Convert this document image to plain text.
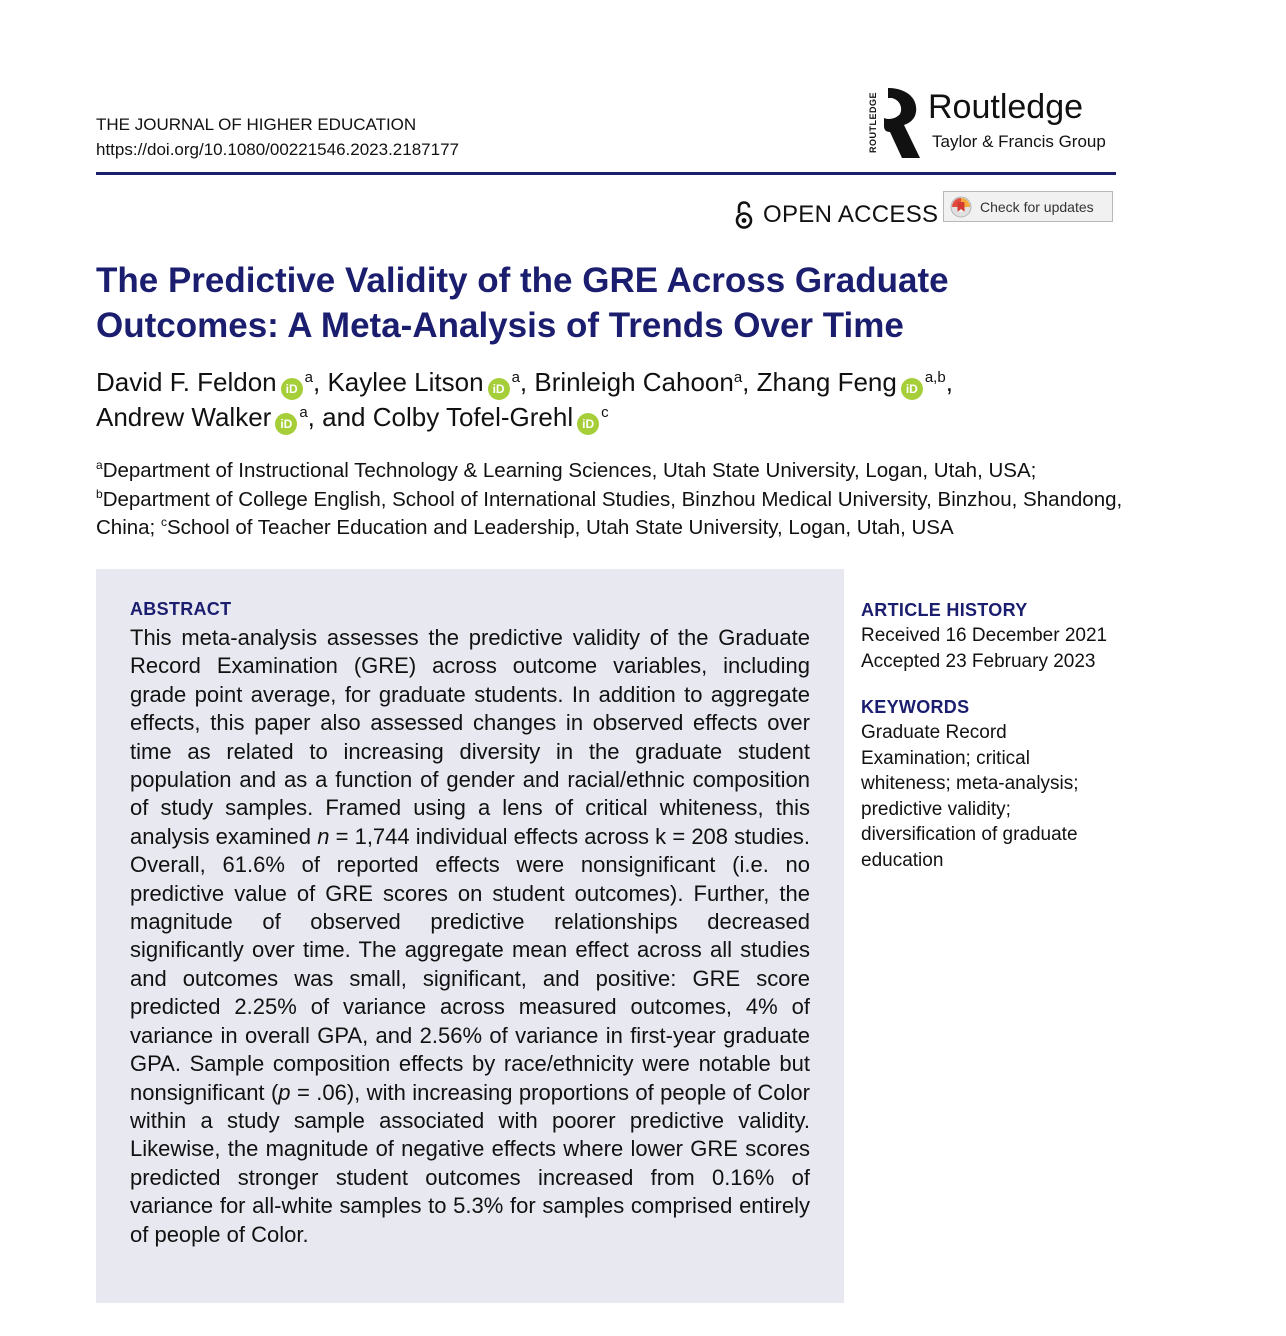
THE JOURNAL OF HIGHER EDUCATION
https://doi.org/10.1080/00221546.2023.2187177	ROUTLEDGE Routledge
Taylor & Francis Group
OPEN ACCESS	Check for updates
The Predictive Validity of the GRE Across Graduate
Outcomes: A Meta-Analysis of Trends Over Time
David F. Feldon $iD^a$, Kaylee Litson $iD^a$, Brinleigh Cahoon$^a$, Zhang Feng iD$^{a,b}$,
Andrew Walker $iD^a$, and Colby Tofel-Grehl $iD^c$
$^a$Department of Instructional Technology & Learning Sciences, Utah State University, Logan, Utah, USA; $^b$Department of College English, School of International Studies, Binzhou Medical University, Binzhou, Shandong, China; $^c$School of Teacher Education and Leadership, Utah State University, Logan, Utah, USA
ABSTRACT

This meta-analysis assesses the predictive validity of the Graduate Record Examination (GRE) across outcome variables, including grade point average, for graduate students. In addition to aggregate effects, this paper also assessed changes in observed effects over time as related to increasing diversity in the graduate student population and as a function of gender and racial/ethnic composition of study samples. Framed using a lens of critical whiteness, this analysis examined n = 1,744 individual effects across k = 208 studies. Overall, 61.6% of reported effects were nonsignificant (i.e. no predictive value of GRE scores on student outcomes). Further, the magnitude of observed predictive relationships decreased significantly over time. The aggregate mean effect across all studies and outcomes was small, significant, and positive: GRE score predicted 2.25% of variance across measured outcomes, 4% of variance in overall GPA, and 2.56% of variance in first-year graduate GPA. Sample composition effects by race/ethnicity were notable but nonsignificant (p = .06), with increasing proportions of people of Color within a study sample associated with poorer predictive validity. Likewise, the magnitude of negative effects where lower GRE scores predicted stronger student outcomes increased from 0.16% of variance for all-white samples to 5.3% for samples comprised entirely of people of Color.

ARTICLE HISTORY

Received 16 December 2021
Accepted 23 February 2023

KEYWORDS

Graduate Record
Examination; critical
whiteness; meta-analysis;
predictive validity;
diversification of graduate
education
